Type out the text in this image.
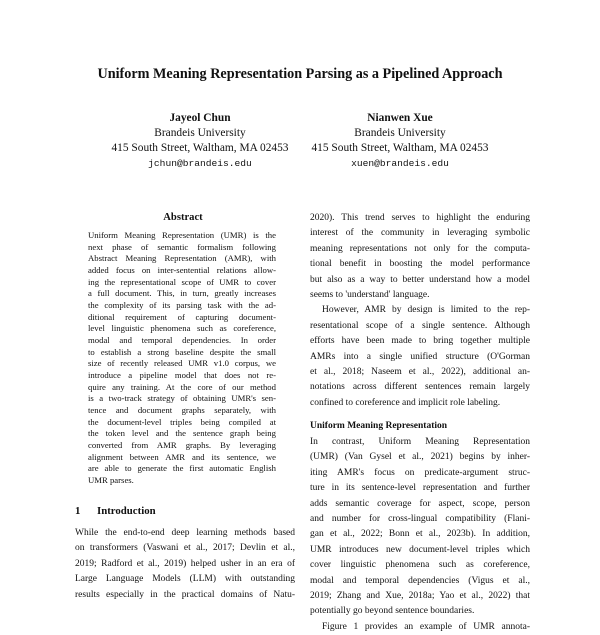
Uniform Meaning Representation Parsing as a Pipelined Approach
Jayeol Chun
Brandeis University
415 South Street, Waltham, MA 02453
jchun@brandeis.edu
Nianwen Xue
Brandeis University
415 South Street, Waltham, MA 02453
xuen@brandeis.edu
Abstract
Uniform Meaning Representation (UMR) is the
next phase of semantic formalism following
Abstract Meaning Representation (AMR), with
added focus on inter-sentential relations allow-
ing the representational scope of UMR to cover
a full document. This, in turn, greatly increases
the complexity of its parsing task with the ad-
ditional requirement of capturing document-
level linguistic phenomena such as coreference,
modal and temporal dependencies. In order
to establish a strong baseline despite the small
size of recently released UMR v1.0 corpus, we
introduce a pipeline model that does not re-
quire any training. At the core of our method
is a two-track strategy of obtaining UMR's sen-
tence and document graphs separately, with
the document-level triples being compiled at
the token level and the sentence graph being
converted from AMR graphs. By leveraging
alignment between AMR and its sentence, we
are able to generate the first automatic English
UMR parses.
1 Introduction
While the end-to-end deep learning methods based
on transformers (Vaswani et al., 2017; Devlin et al.,
2019; Radford et al., 2019) helped usher in an era of
Large Language Models (LLM) with outstanding
results especially in the practical domains of Natu-
2020). This trend serves to highlight the enduring
interest of the community in leveraging symbolic
meaning representations not only for the computa-
tional benefit in boosting the model performance
but also as a way to better understand how a model
seems to 'understand' language.
However, AMR by design is limited to the rep-
resentational scope of a single sentence. Although
efforts have been made to bring together multiple
AMRs into a single unified structure (O'Gorman
et al., 2018; Naseem et al., 2022), additional an-
notations across different sentences remain largely
confined to coreference and implicit role labeling.
Uniform Meaning Representation
In contrast, Uniform Meaning Representation
(UMR) (Van Gysel et al., 2021) begins by inher-
iting AMR's focus on predicate-argument struc-
ture in its sentence-level representation and further
adds semantic coverage for aspect, scope, person
and number for cross-lingual compatibility (Flani-
gan et al., 2022; Bonn et al., 2023b). In addition,
UMR introduces new document-level triples which
cover linguistic phenomena such as coreference,
modal and temporal dependencies (Vigus et al.,
2019; Zhang and Xue, 2018a; Yao et al., 2022) that
potentially go beyond sentence boundaries.
Figure 1 provides an example of UMR annota-
